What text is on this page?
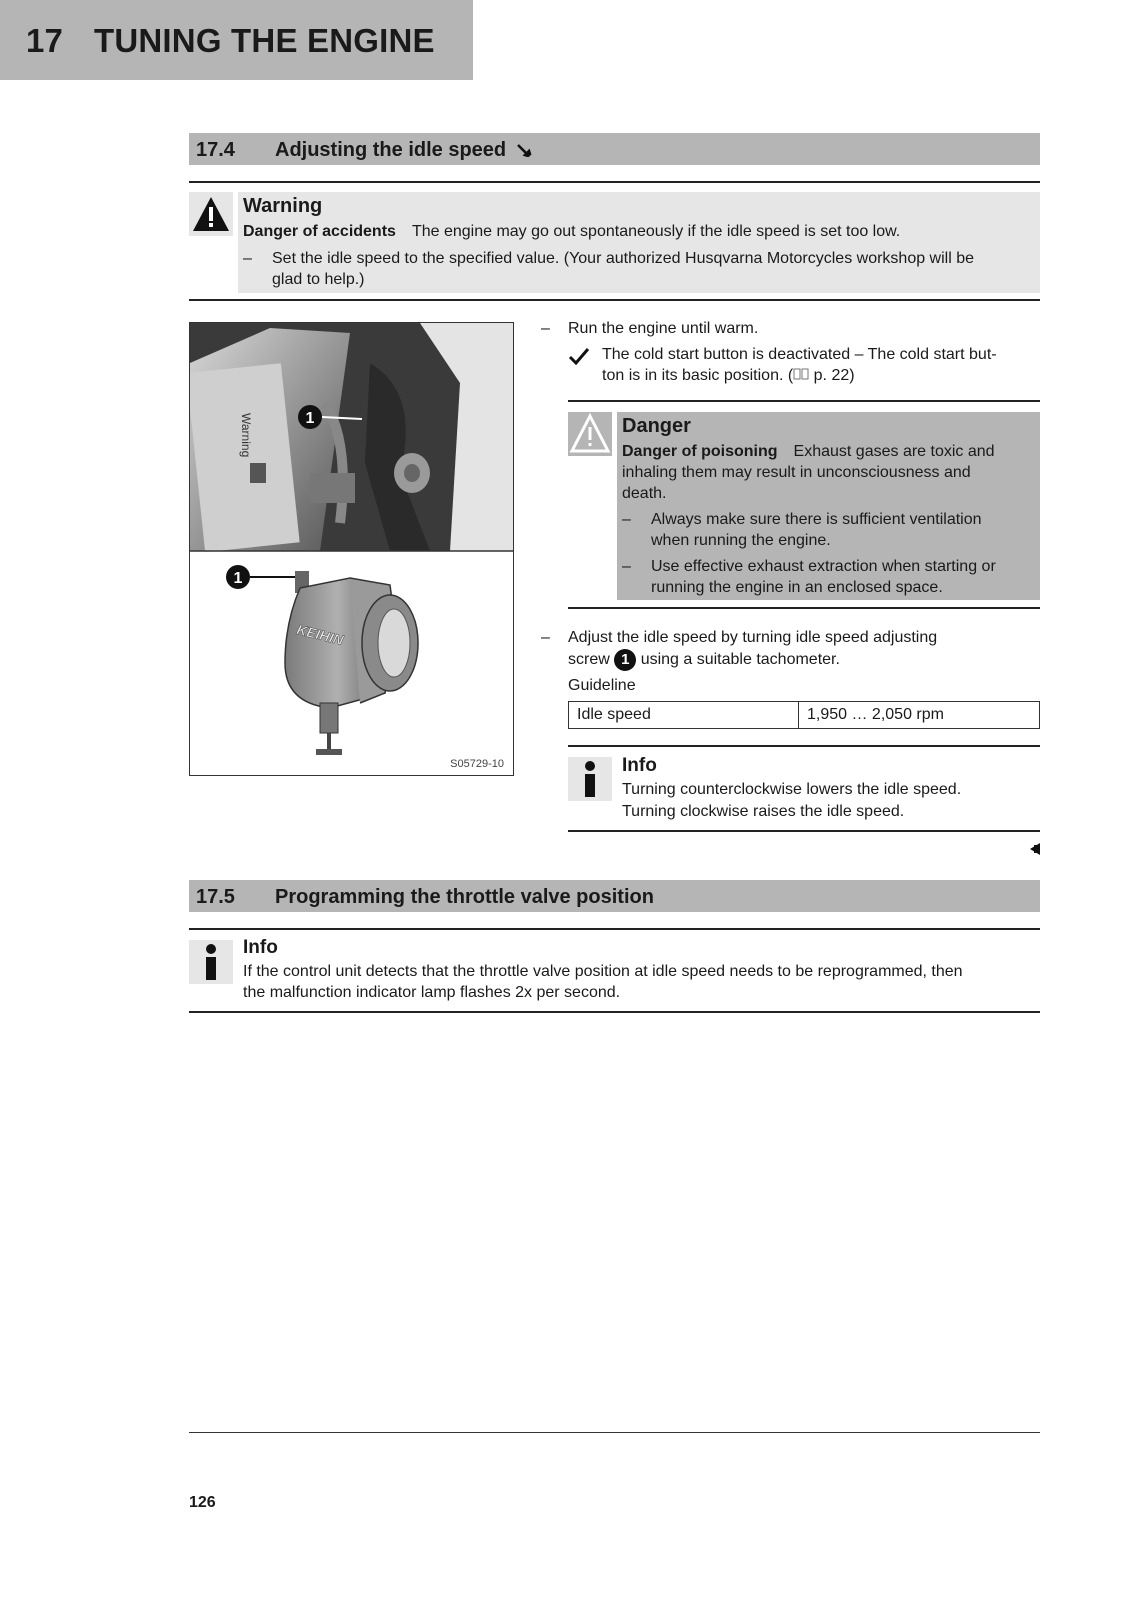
17 TUNING THE ENGINE
17.4 Adjusting the idle speed
Warning
Danger of accidents The engine may go out spontaneously if the idle speed is set too low.
– Set the idle speed to the specified value. (Your authorized Husqvarna Motorcycles workshop will be
glad to help.)
Warning	1
1
KEIHIN
S05729-10
– Run the engine until warm.
The cold start button is deactivated – The cold start but-
ton is in its basic position. ( p. 22)
Danger
Danger of poisoning Exhaust gases are toxic and
inhaling them may result in unconsciousness and
death.
– Always make sure there is sufficient ventilation
when running the engine.
– Use effective exhaust extraction when starting or
running the engine in an enclosed space.
– Adjust the idle speed by turning idle speed adjusting
screw 1 using a suitable tachometer.
Guideline
Idle speed	1,950 … 2,050 rpm
Info
Turning counterclockwise lowers the idle speed.
Turning clockwise raises the idle speed.
17.5 Programming the throttle valve position
Info
If the control unit detects that the throttle valve position at idle speed needs to be reprogrammed, then
the malfunction indicator lamp flashes 2x per second.
126
